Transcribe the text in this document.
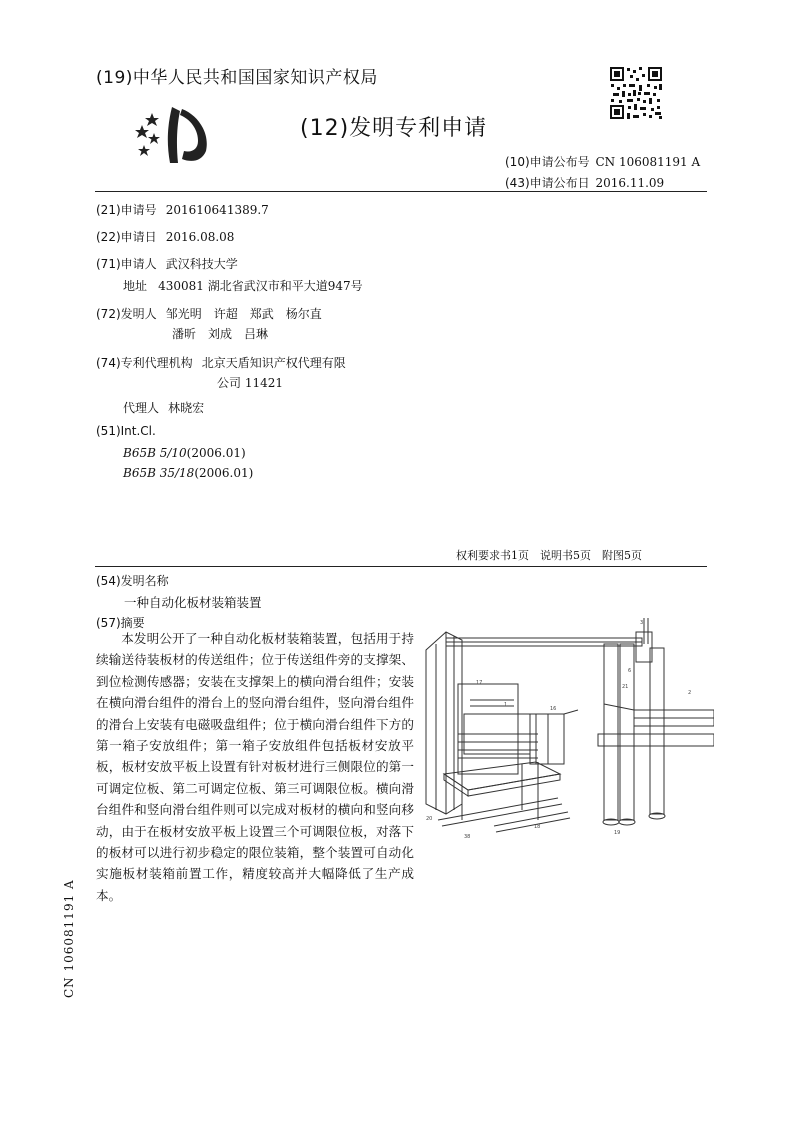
(19)中华人民共和国国家知识产权局
(12)发明专利申请
(10)申请公布号 CN 106081191 A
(43)申请公布日 2016.11.09
(21)申请号 201610641389.7
(22)申请日 2016.08.08
(71)申请人 武汉科技大学
地址 430081 湖北省武汉市和平大道947号
(72)发明人 邹光明　许超　郑武　杨尔直
潘昕　刘成　吕琳
(74)专利代理机构 北京天盾知识产权代理有限
公司 11421
代理人 林晓宏
(51)Int.Cl.
B65B 5/10(2006.01)
B65B 35/18(2006.01)
权利要求书1页　说明书5页　附图5页
(54)发明名称
一种自动化板材装箱装置
(57)摘要
本发明公开了一种自动化板材装箱装置，包括用于持续输送待装板材的传送组件；位于传送组件旁的支撑架、到位检测传感器；安装在支撑架上的横向滑台组件；安装在横向滑台组件的滑台上的竖向滑台组件，竖向滑台组件的滑台上安装有电磁吸盘组件；位于横向滑台组件下方的第一箱子安放组件；第一箱子安放组件包括板材安放平板，板材安放平板上设置有针对板材进行三侧限位的第一可调定位板、第二可调定位板、第三可调限位板。横向滑台组件和竖向滑台组件则可以完成对板材的横向和竖向移动，由于在板材安放平板上设置三个可调限位板，对落下的板材可以进行初步稳定的限位装箱，整个装置可自动化实施板材装箱前置工作，精度较高并大幅降低了生产成本。
17
1
16
20
38
18
19
3
6
21
2
CN 106081191 A
